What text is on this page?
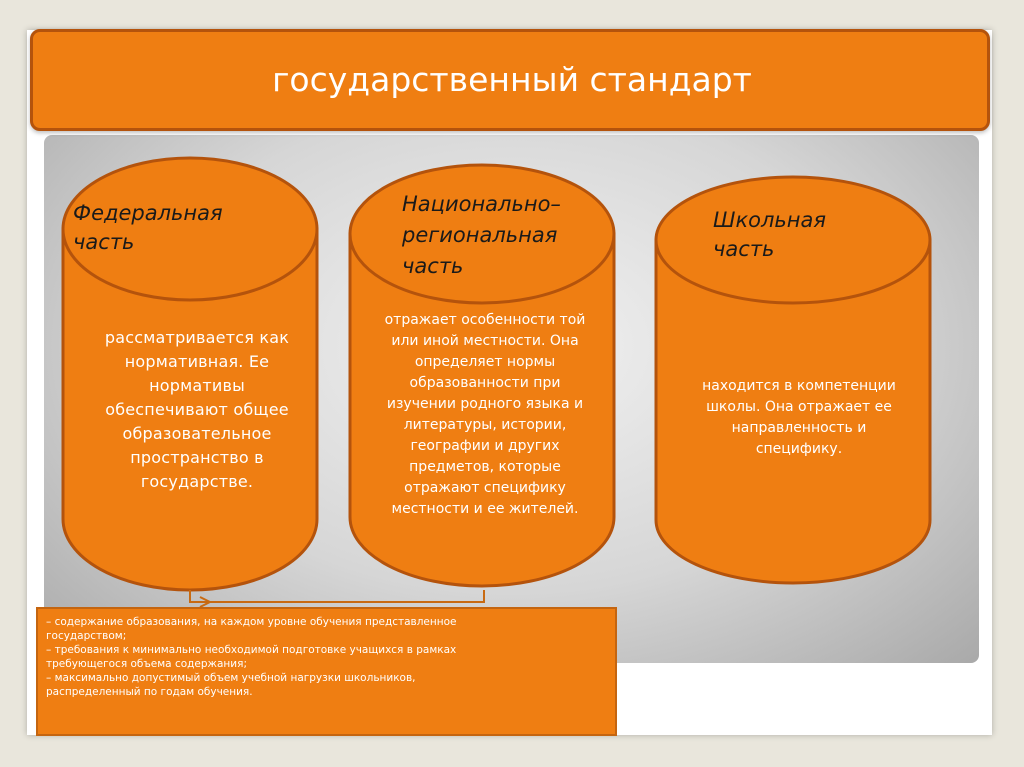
государственный стандарт
Федеральная
часть
Национально–
региональная
часть
Школьная
часть
рассматривается как
нормативная. Ее
нормативы
обеспечивают общее
образовательное
пространство в
государстве.
отражает особенности той
или иной местности. Она
определяет нормы
образованности при
изучении родного языка и
литературы, истории,
географии и других
предметов, которые
отражают специфику
местности и ее жителей.
находится в компетенции
школы. Она отражает ее
направленность и
специфику.
– содержание образования, на каждом уровне обучения представленное
государством;
– требования к минимально необходимой подготовке учащихся в рамках
требующегося объема содержания;
– максимально допустимый объем учебной нагрузки школьников,
распределенный по годам обучения.
